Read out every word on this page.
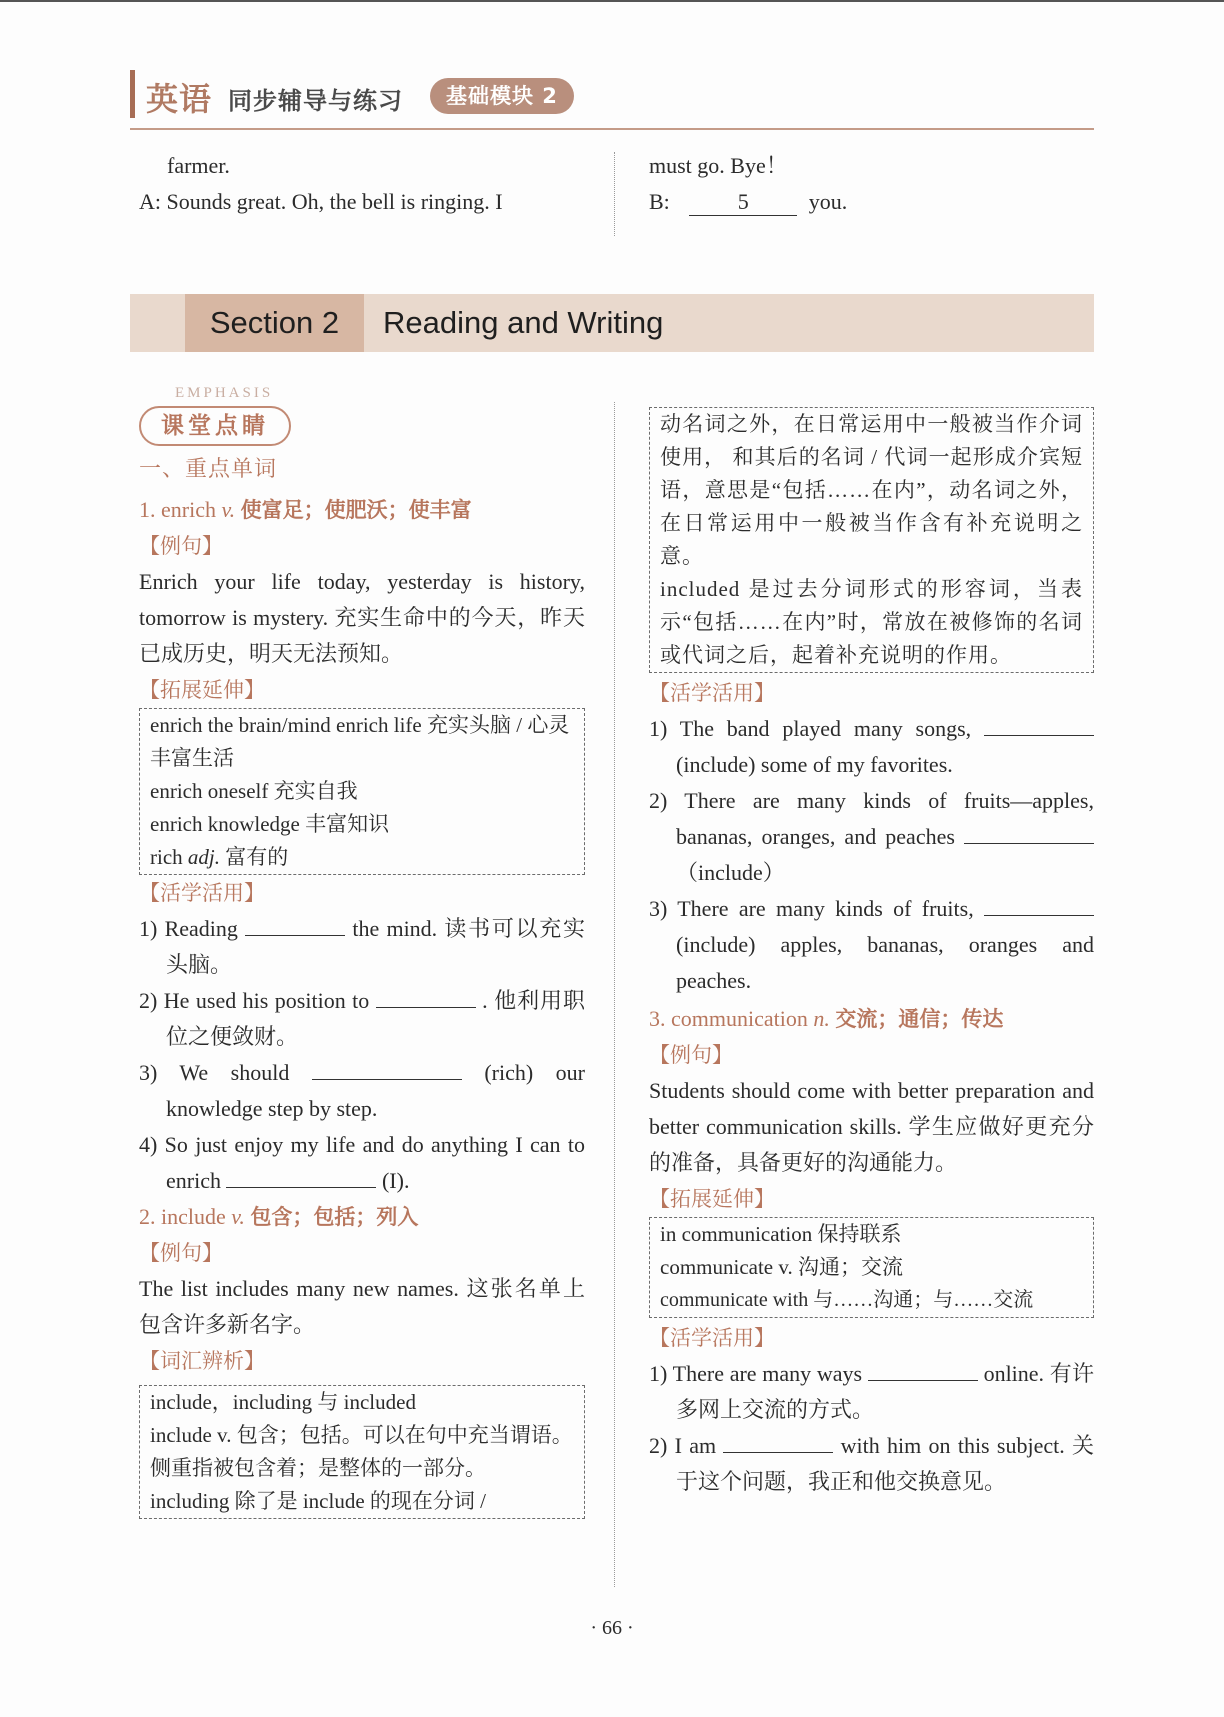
英语 同步辅导与练习	基础模块 2

farmer.

A: Sounds great. Oh, the bell is ringing. I

must go. Bye！

B:	5	you.

Section 2	Reading and Writing
EMPHASIS
课堂点睛
一、重点单词
1. enrich v. 使富足；使肥沃；使丰富
【例句】

Enrich your life today, yesterday is history, tomorrow is mystery. 充实生命中的今天，昨天已成历史，明天无法预知。

【拓展延伸】

enrich the brain/mind enrich life 充实头脑 / 心灵丰富生活

enrich oneself 充实自我

enrich knowledge 丰富知识

rich adj. 富有的

【活学活用】

1) Reading	the mind. 读书可以充实头脑。

2) He used his position to	. 他利用职位之便敛财。

3) We should	(rich) our knowledge step by step.

4) So just enjoy my life and do anything I can to enrich	(I).

2. include v. 包含；包括；列入
【例句】

The list includes many new names. 这张名单上包含许多新名字。

【词汇辨析】

include，including 与 included

include v. 包含；包括。可以在句中充当谓语。侧重指被包含着；是整体的一部分。

including 除了是 include 的现在分词 /

动名词之外，在日常运用中一般被当作介词使用， 和其后的名词 / 代词一起形成介宾短语，意思是“包括……在内”，动名词之外，在日常运用中一般被当作含有补充说明之意。

included 是过去分词形式的形容词，当表示“包括……在内”时，常放在被修饰的名词或代词之后，起着补充说明的作用。

【活学活用】

1) The band played many songs,  (include) some of my favorites.

2) There are many kinds of fruits—apples, bananas, oranges, and peaches  （include）

3) There are many kinds of fruits,  (include) apples, bananas, oranges and peaches.

3. communication n. 交流；通信；传达
【例句】

Students should come with better preparation and better communication skills. 学生应做好更充分的准备，具备更好的沟通能力。

【拓展延伸】

in communication 保持联系

communicate v. 沟通；交流

communicate with 与……沟通；与……交流

【活学活用】

1) There are many ways	online. 有许多网上交流的方式。

2) I am	with him on this subject. 关于这个问题，我正和他交换意见。

· 66 ·
